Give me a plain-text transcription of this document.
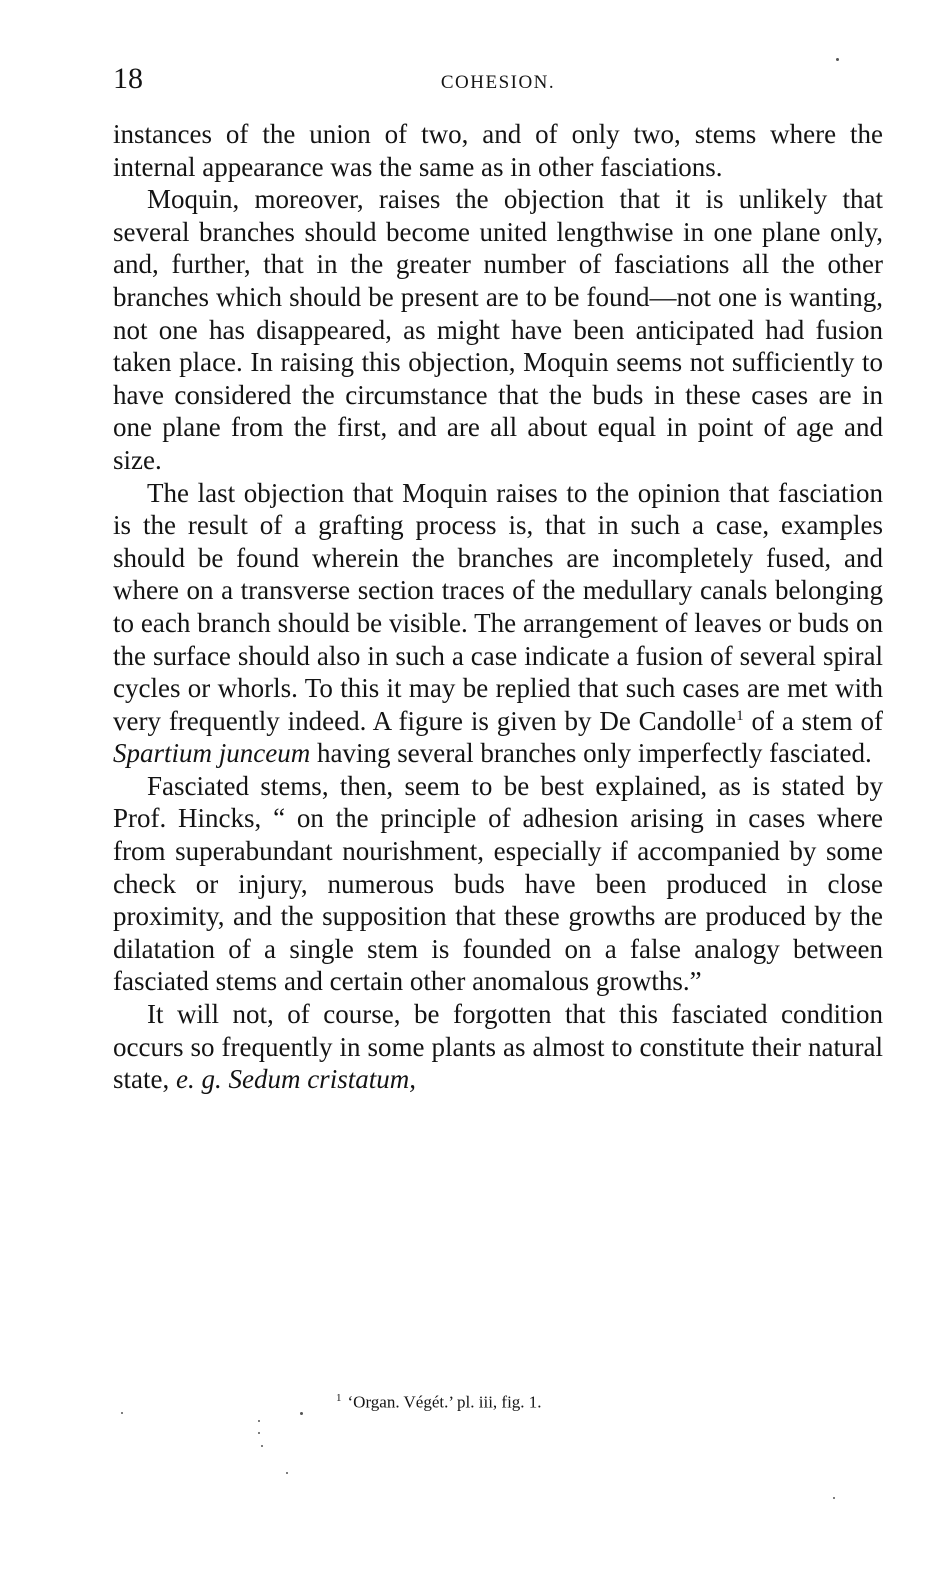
18	COHESION.

instances of the union of two, and of only two, stems where the internal appearance was the same as in other fasciations.

Moquin, moreover, raises the objection that it is unlikely that several branches should become united lengthwise in one plane only, and, further, that in the greater number of fasciations all the other branches which should be present are to be found—not one is wanting, not one has disappeared, as might have been anticipated had fusion taken place. In raising this objection, Moquin seems not sufficiently to have considered the circumstance that the buds in these cases are in one plane from the first, and are all about equal in point of age and size.

The last objection that Moquin raises to the opinion that fasciation is the result of a grafting process is, that in such a case, examples should be found wherein the branches are incompletely fused, and where on a transverse section traces of the medullary canals belonging to each branch should be visible. The arrangement of leaves or buds on the surface should also in such a case indicate a fusion of several spiral cycles or whorls. To this it may be replied that such cases are met with very frequently indeed. A figure is given by De Candolle$^1$ of a stem of Spartium junceum having several branches only imperfectly fasciated.

Fasciated stems, then, seem to be best explained, as is stated by Prof. Hincks, “ on the principle of adhesion arising in cases where from superabundant nourishment, especially if accompanied by some check or injury, numerous buds have been produced in close proximity, and the supposition that these growths are produced by the dilatation of a single stem is founded on a false analogy between fasciated stems and certain other anomalous growths.”

It will not, of course, be forgotten that this fasciated condition occurs so frequently in some plants as almost to constitute their natural state, e. g. Sedum cristatum,

$^1$ ‘Organ. Végét.’ pl. iii, fig. 1.
